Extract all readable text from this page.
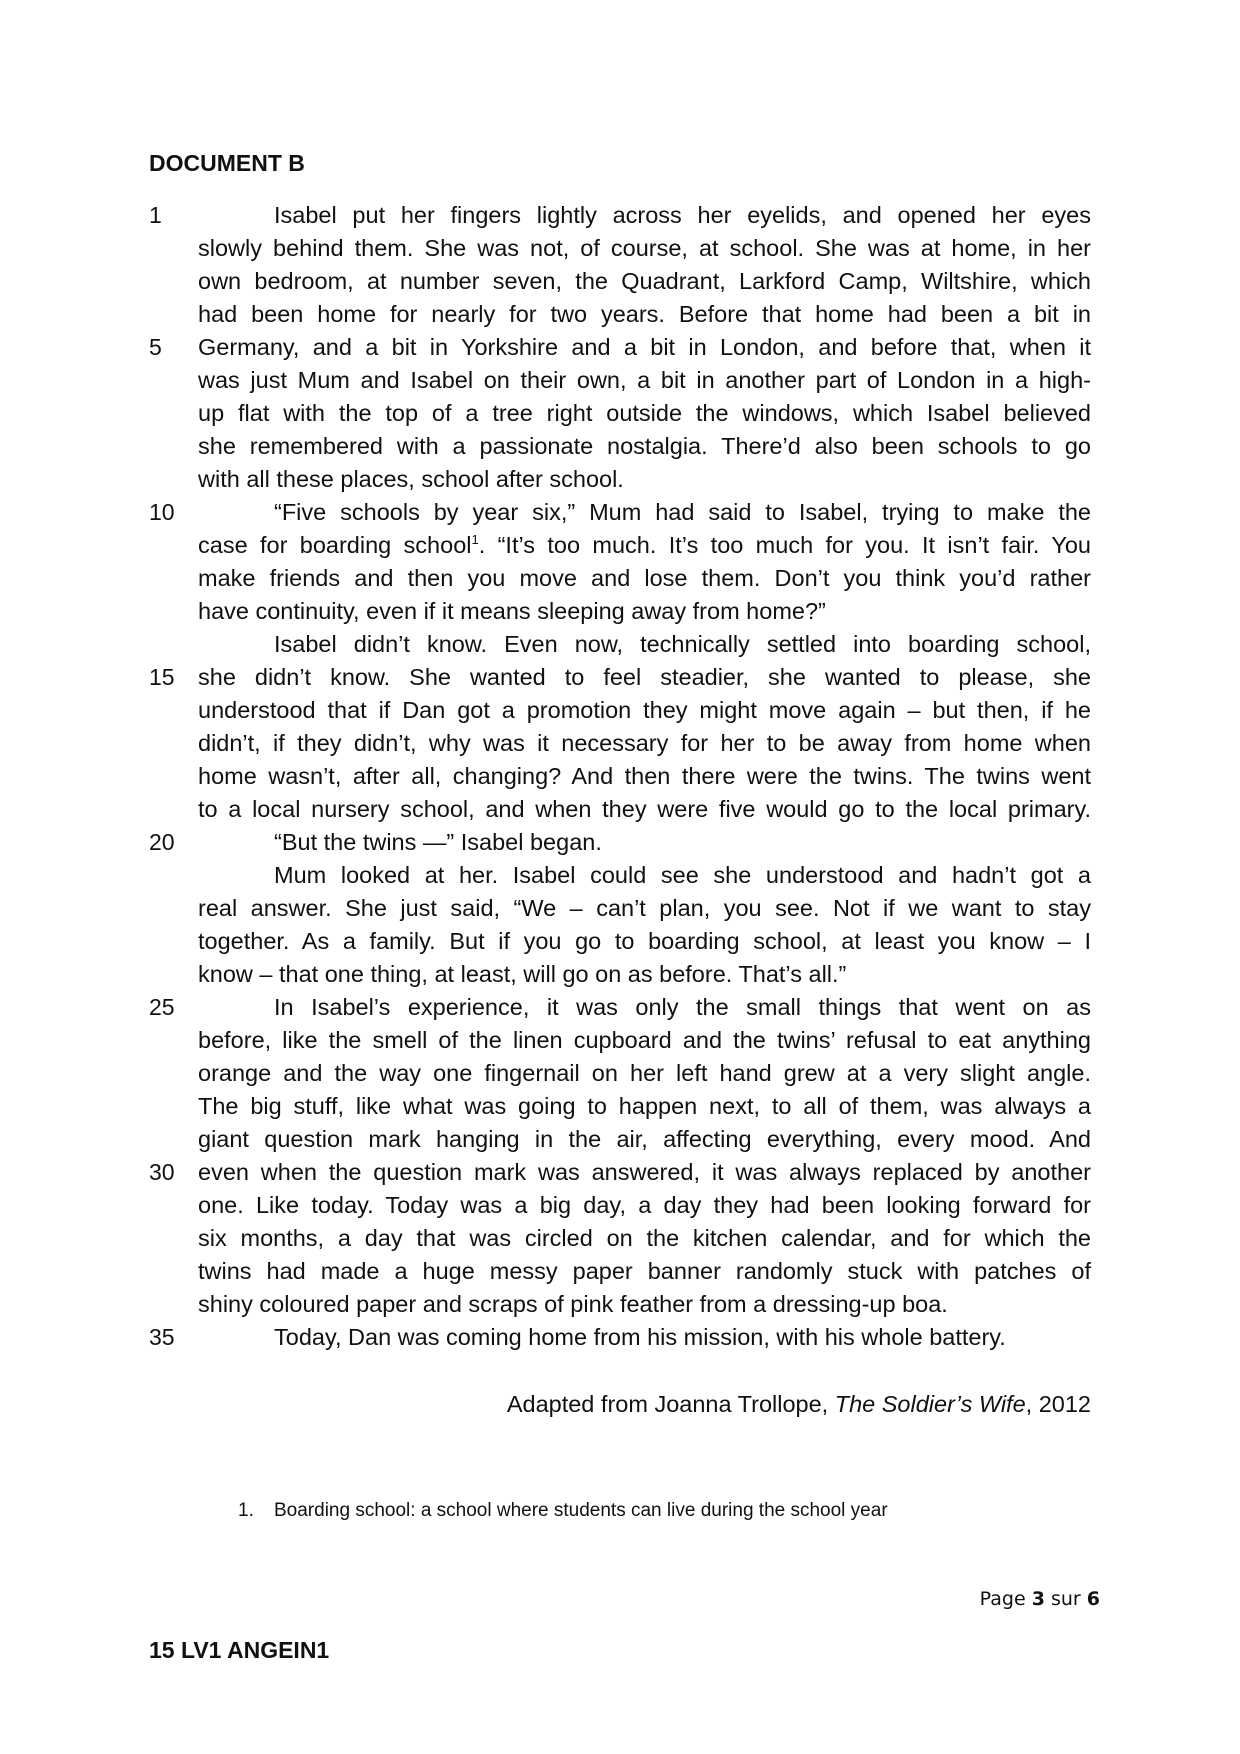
DOCUMENT B
1
5
10
15
20
25
30
35
Isabel put her fingers lightly across her eyelids, and opened her eyes
slowly behind them. She was not, of course, at school. She was at home, in her
own bedroom, at number seven, the Quadrant, Larkford Camp, Wiltshire, which
had been home for nearly for two years. Before that home had been a bit in
Germany, and a bit in Yorkshire and a bit in London, and before that, when it
was just Mum and Isabel on their own, a bit in another part of London in a high-
up flat with the top of a tree right outside the windows, which Isabel believed
she remembered with a passionate nostalgia. There’d also been schools to go
with all these places, school after school.
“Five schools by year six,” Mum had said to Isabel, trying to make the
case for boarding school$^1$. “It’s too much. It’s too much for you. It isn’t fair. You
make friends and then you move and lose them. Don’t you think you’d rather
have continuity, even if it means sleeping away from home?”
Isabel didn’t know. Even now, technically settled into boarding school,
she didn’t know. She wanted to feel steadier, she wanted to please, she
understood that if Dan got a promotion they might move again – but then, if he
didn’t, if they didn’t, why was it necessary for her to be away from home when
home wasn’t, after all, changing? And then there were the twins. The twins went
to a local nursery school, and when they were five would go to the local primary.
“But the twins —” Isabel began.
Mum looked at her. Isabel could see she understood and hadn’t got a
real answer. She just said, “We – can’t plan, you see. Not if we want to stay
together. As a family. But if you go to boarding school, at least you know – I
know – that one thing, at least, will go on as before. That’s all.”
In Isabel’s experience, it was only the small things that went on as
before, like the smell of the linen cupboard and the twins’ refusal to eat anything
orange and the way one fingernail on her left hand grew at a very slight angle.
The big stuff, like what was going to happen next, to all of them, was always a
giant question mark hanging in the air, affecting everything, every mood. And
even when the question mark was answered, it was always replaced by another
one. Like today. Today was a big day, a day they had been looking forward for
six months, a day that was circled on the kitchen calendar, and for which the
twins had made a huge messy paper banner randomly stuck with patches of
shiny coloured paper and scraps of pink feather from a dressing-up boa.
Today, Dan was coming home from his mission, with his whole battery.
Adapted from Joanna Trollope, The Soldier’s Wife, 2012
1. Boarding school: a school where students can live during the school year
Page 3 sur 6
15 LV1 ANGEIN1
